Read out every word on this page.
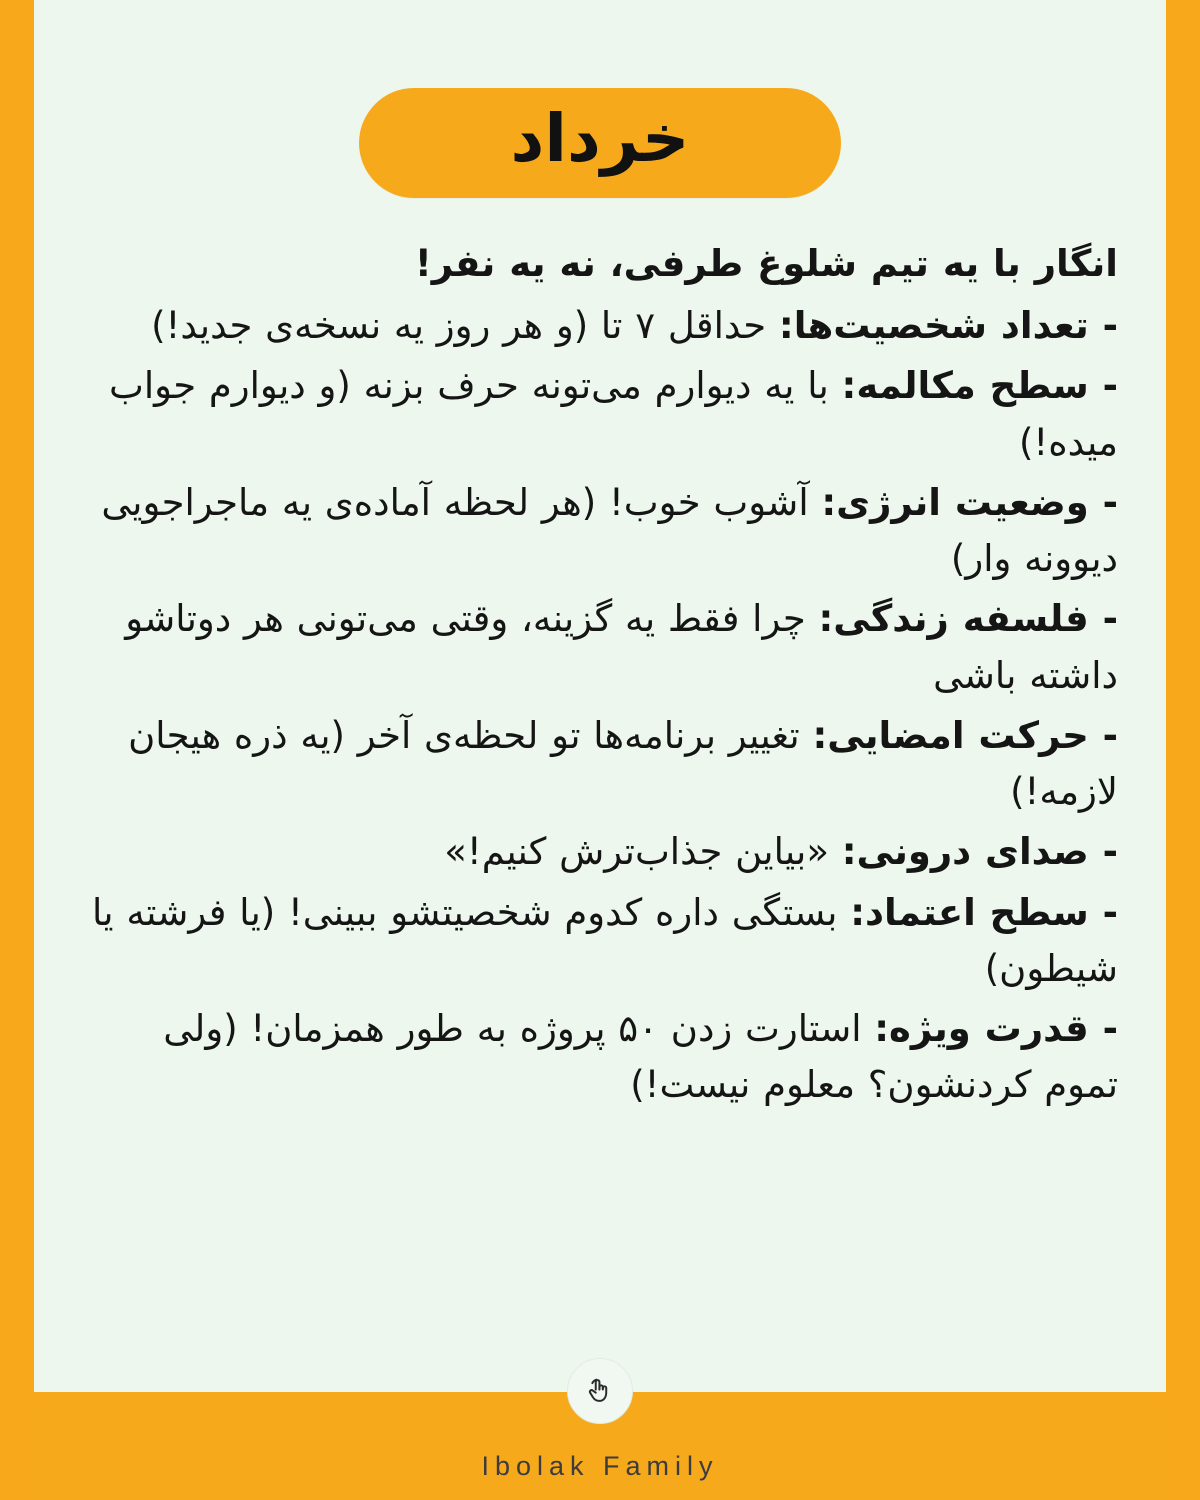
خرداد

انگار با یه تیم شلوغ طرفی، نه یه نفر!

- تعداد شخصیت‌ها: حداقل ۷ تا (و هر روز یه نسخه‌ی جدید!)

- سطح مکالمه: با یه دیوارم می‌تونه حرف بزنه (و دیوارم جواب میده!)

- وضعیت انرژی: آشوب خوب! (هر لحظه آماده‌ی یه ماجراجویی دیوونه وار)

- فلسفه زندگی: چرا فقط یه گزینه، وقتی می‌تونی هر دوتاشو داشته باشی

- حرکت امضایی: تغییر برنامه‌ها تو لحظه‌ی آخر (یه ذره هیجان لازمه!)

- صدای درونی: «بیاین جذاب‌ترش کنیم!»

- سطح اعتماد: بستگی داره کدوم شخصیتشو ببینی! (یا فرشته یا شیطون)

- قدرت ویژه: استارت زدن ۵۰ پروژه به طور همزمان! (ولی تموم کردنشون؟ معلوم نیست!)

Ibolak Family
